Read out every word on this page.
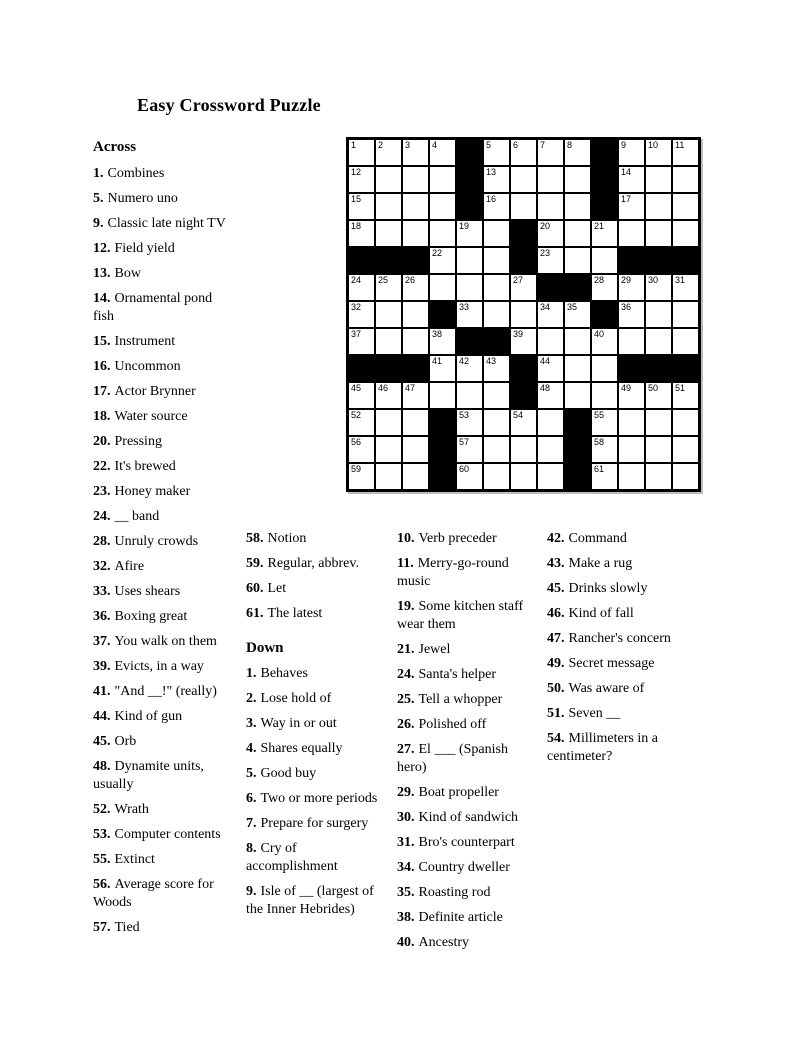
Easy Crossword Puzzle
Across	1 2 3 4	5 6 7 8	9 10 11
12	13	14
15	16	17
18	19	20	21
22	23
24 25 26	27	28 29 30 31
32	33	34 35	36
37	38	39	40
41 42 43	44
45 46 47	48	49 50 51
52	53	54	55
56	57	58
59	60	61
1. Combines
5. Numero uno
9. Classic late night TV
12. Field yield
13. Bow
14. Ornamental pond fish
15. Instrument
16. Uncommon
17. Actor Brynner
18. Water source
20. Pressing
22. It's brewed
23. Honey maker
24. __ band
28. Unruly crowds
32. Afire
33. Uses shears
36. Boxing great
37. You walk on them
39. Evicts, in a way
41. "And __!" (really)
44. Kind of gun
45. Orb
48. Dynamite units, usually
52. Wrath
53. Computer contents
55. Extinct
56. Average score for Woods
57. Tied
58. Notion
59. Regular, abbrev.
60. Let
61. The latest
Down
1. Behaves
2. Lose hold of
3. Way in or out
4. Shares equally
5. Good buy
6. Two or more periods
7. Prepare for surgery
8. Cry of accomplishment
9. Isle of __ (largest of the Inner Hebrides)
10. Verb preceder
11. Merry-go-round music
19. Some kitchen staff wear them
21. Jewel
24. Santa's helper
25. Tell a whopper
26. Polished off
27. El ___ (Spanish hero)
29. Boat propeller
30. Kind of sandwich
31. Bro's counterpart
34. Country dweller
35. Roasting rod
38. Definite article
40. Ancestry
42. Command
43. Make a rug
45. Drinks slowly
46. Kind of fall
47. Rancher's concern
49. Secret message
50. Was aware of
51. Seven __
54. Millimeters in a centimeter?
